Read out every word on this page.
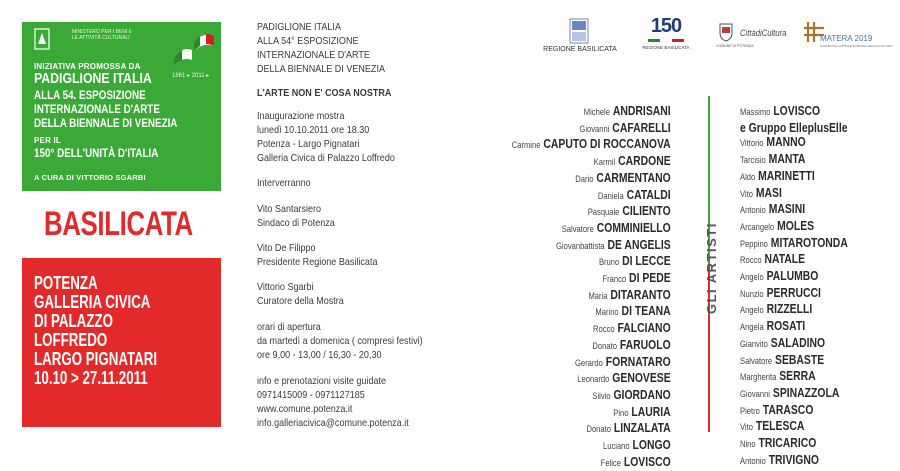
MINISTERO PER I BENI E LE ATTIVITÀ CULTURALI
1861 ▸ 2011 ▸
INIZIATIVA PROMOSSA DA
PADIGLIONE ITALIA
ALLA 54. ESPOSIZIONE
INTERNAZIONALE D'ARTE
DELLA BIENNALE DI VENEZIA
PER IL
150° DELL'UNITÀ D'ITALIA
A CURA DI VITTORIO SGARBI
BASILICATA
POTENZA
GALLERIA CIVICA
DI PALAZZO
LOFFREDO
LARGO PIGNATARI
10.10 > 27.11.2011
PADIGLIONE ITALIA
ALLA 54° ESPOSIZIONE
INTERNAZIONALE D'ARTE
DELLA BIENNALE DI VENEZIA
L'ARTE NON E' COSA NOSTRA
Inaugurazione mostra
lunedì 10.10.2011 ore 18.30
Potenza - Largo Pignatari
Galleria Civica di Palazzo Loffredo
Interverranno
Vito Santarsiero
Sindaco di Potenza
Vito De Filippo
Presidente Regione Basilicata
Vittorio Sgarbi
Curatore della Mostra
orari di apertura
da martedì a domenica ( compresi festivi)
ore 9,00 - 13,00 / 16,30 - 20,30
info e prenotazioni visite guidate
0971415009 - 0971127185
www.comune.potenza.it
info.galleriacivica@comune.potenza.it
REGIONE BASILICATA
150
REGIONE BASILICATA
CittàdiCultura
COMUNE DI POTENZA
MATERA 2019
CANDIDATA CAPITALE EUROPEA DELLA CULTURA
Michele ANDRISANI
Giovanni CAFARELLI
Carmine CAPUTO DI ROCCANOVA
Karmil CARDONE
Dario CARMENTANO
Daniela CATALDI
Pasquale CILIENTO
Salvatore COMMINIELLO
Giovanbattista DE ANGELIS
Bruno DI LECCE
Franco DI PEDE
Maria DITARANTO
Marino DI TEANA
Rocco FALCIANO
Donato FARUOLO
Gerardo FORNATARO
Leonardo GENOVESE
Silvio GIORDANO
Pino LAURIA
Donato LINZALATA
Luciano LONGO
Felice LOVISCO
GLI ARTISTI
Massimo LOVISCO
e Gruppo ElleplusElle
Vittorio MANNO
Tarcisio MANTA
Aldo MARINETTI
Vito MASI
Antonio MASINI
Arcangelo MOLES
Peppino MITAROTONDA
Rocco NATALE
Angelo PALUMBO
Nunzio PERRUCCI
Angelo RIZZELLI
Angela ROSATI
Gianvito SALADINO
Salvatore SEBASTE
Margherita SERRA
Giovanni SPINAZZOLA
Pietro TARASCO
Vito TELESCA
Nino TRICARICO
Antonio TRIVIGNO
